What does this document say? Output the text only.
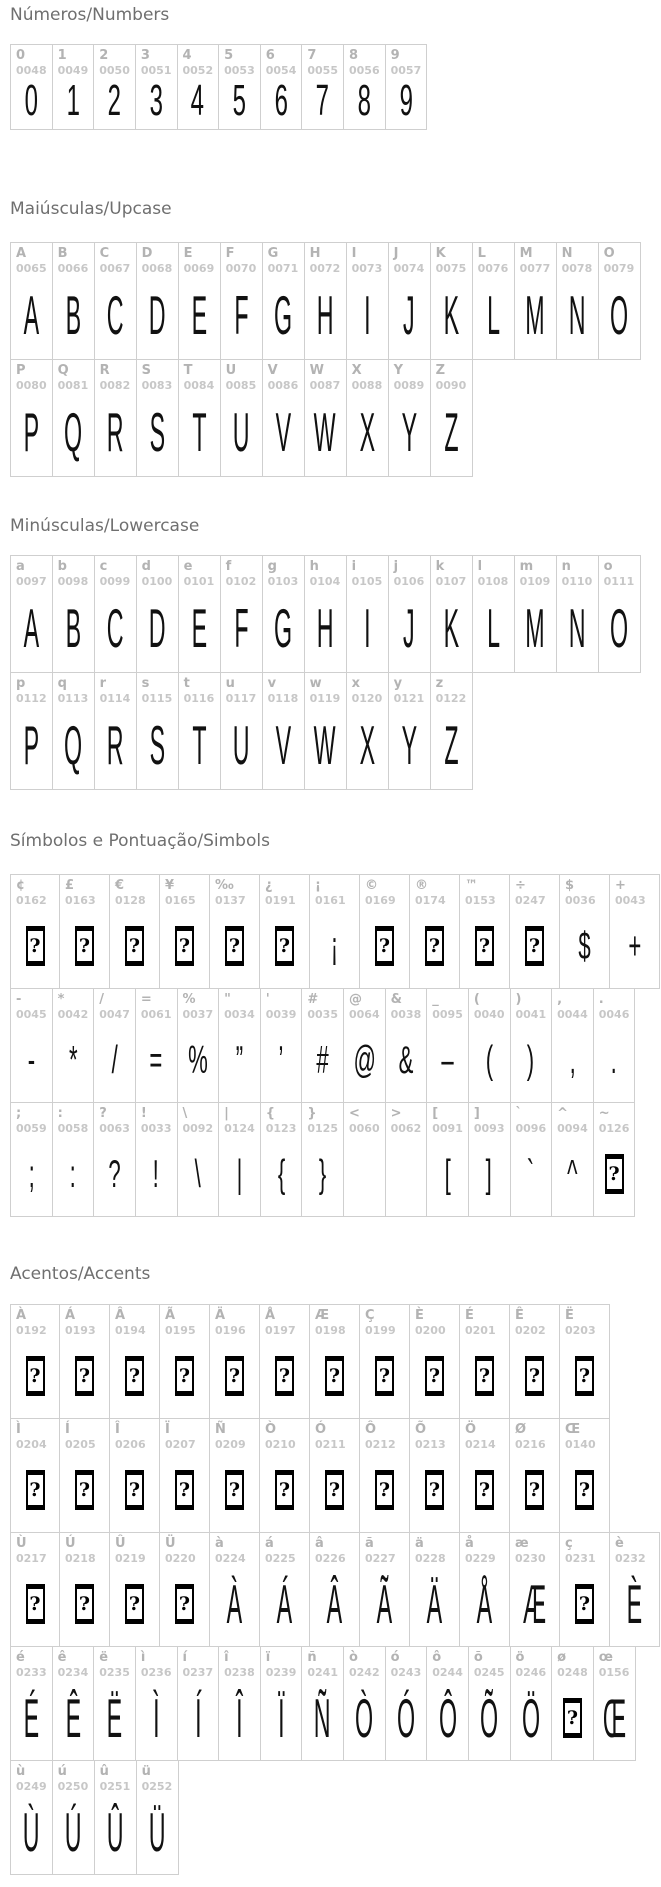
Números/Numbers
0
0048
0
1
0049
1
2
0050
2
3
0051
3
4
0052
4
5
0053
5
6
0054
6
7
0055
7
8
0056
8
9
0057
9
Maiúsculas/Upcase
A
0065
A
B
0066
B
C
0067
C
D
0068
D
E
0069
E
F
0070
F
G
0071
G
H
0072
H
I
0073
I
J
0074
J
K
0075
K
L
0076
L
M
0077
M
N
0078
N
O
0079
O
P
0080
P
Q
0081
Q
R
0082
R
S
0083
S
T
0084
T
U
0085
U
V
0086
V
W
0087
W
X
0088
X
Y
0089
Y
Z
0090
Z
Minúsculas/Lowercase
a
0097
A
b
0098
B
c
0099
C
d
0100
D
e
0101
E
f
0102
F
g
0103
G
h
0104
H
i
0105
I
j
0106
J
k
0107
K
l
0108
L
m
0109
M
n
0110
N
o
0111
O
p
0112
P
q
0113
Q
r
0114
R
s
0115
S
t
0116
T
u
0117
U
v
0118
V
w
0119
W
x
0120
X
y
0121
Y
z
0122
Z
Símbolos e Pontuação/Simbols
¢
0162
?
£
0163
?
€
0128
?
¥
0165
?
‰
0137
?
¿
0191
?
¡
0161
¡
©
0169
?
®
0174
?
™
0153
?
÷
0247
?
$
0036
$
+
0043
+
-
0045
-
*
0042
*
/
0047
/
=
0061
=
%
0037
%
"
0034
”
'
0039
’
#
0035
#
@
0064
@
&
0038
&
_
0095
–
(
0040
(
)
0041
)
,
0044
,
.
0046
.
;
0059
;
:
0058
:
?
0063
?
!
0033
!
\
0092
\
|
0124
|
{
0123
{
}
0125
}
<
0060
>
0062
[
0091
[
]
0093
]
`
0096
`
^
0094
^
~
0126
?
Acentos/Accents
À
0192
?
Á
0193
?
Â
0194
?
Ã
0195
?
Ä
0196
?
Å
0197
?
Æ
0198
?
Ç
0199
?
È
0200
?
É
0201
?
Ê
0202
?
Ë
0203
?
Ì
0204
?
Í
0205
?
Î
0206
?
Ï
0207
?
Ñ
0209
?
Ò
0210
?
Ó
0211
?
Ô
0212
?
Õ
0213
?
Ö
0214
?
Ø
0216
?
Œ
0140
?
Ù
0217
?
Ú
0218
?
Û
0219
?
Ü
0220
?
à
0224
À
á
0225
Á
â
0226
Â
ã
0227
Ã
ä
0228
Ä
å
0229
Å
æ
0230
Æ
ç
0231
?
è
0232
È
é
0233
É
ê
0234
Ê
ë
0235
Ë
ì
0236
Ì
í
0237
Í
î
0238
Î
ï
0239
Ï
ñ
0241
Ñ
ò
0242
Ò
ó
0243
Ó
ô
0244
Ô
õ
0245
Õ
ö
0246
Ö
ø
0248
?
œ
0156
Œ
ù
0249
Ù
ú
0250
Ú
û
0251
Û
ü
0252
Ü
